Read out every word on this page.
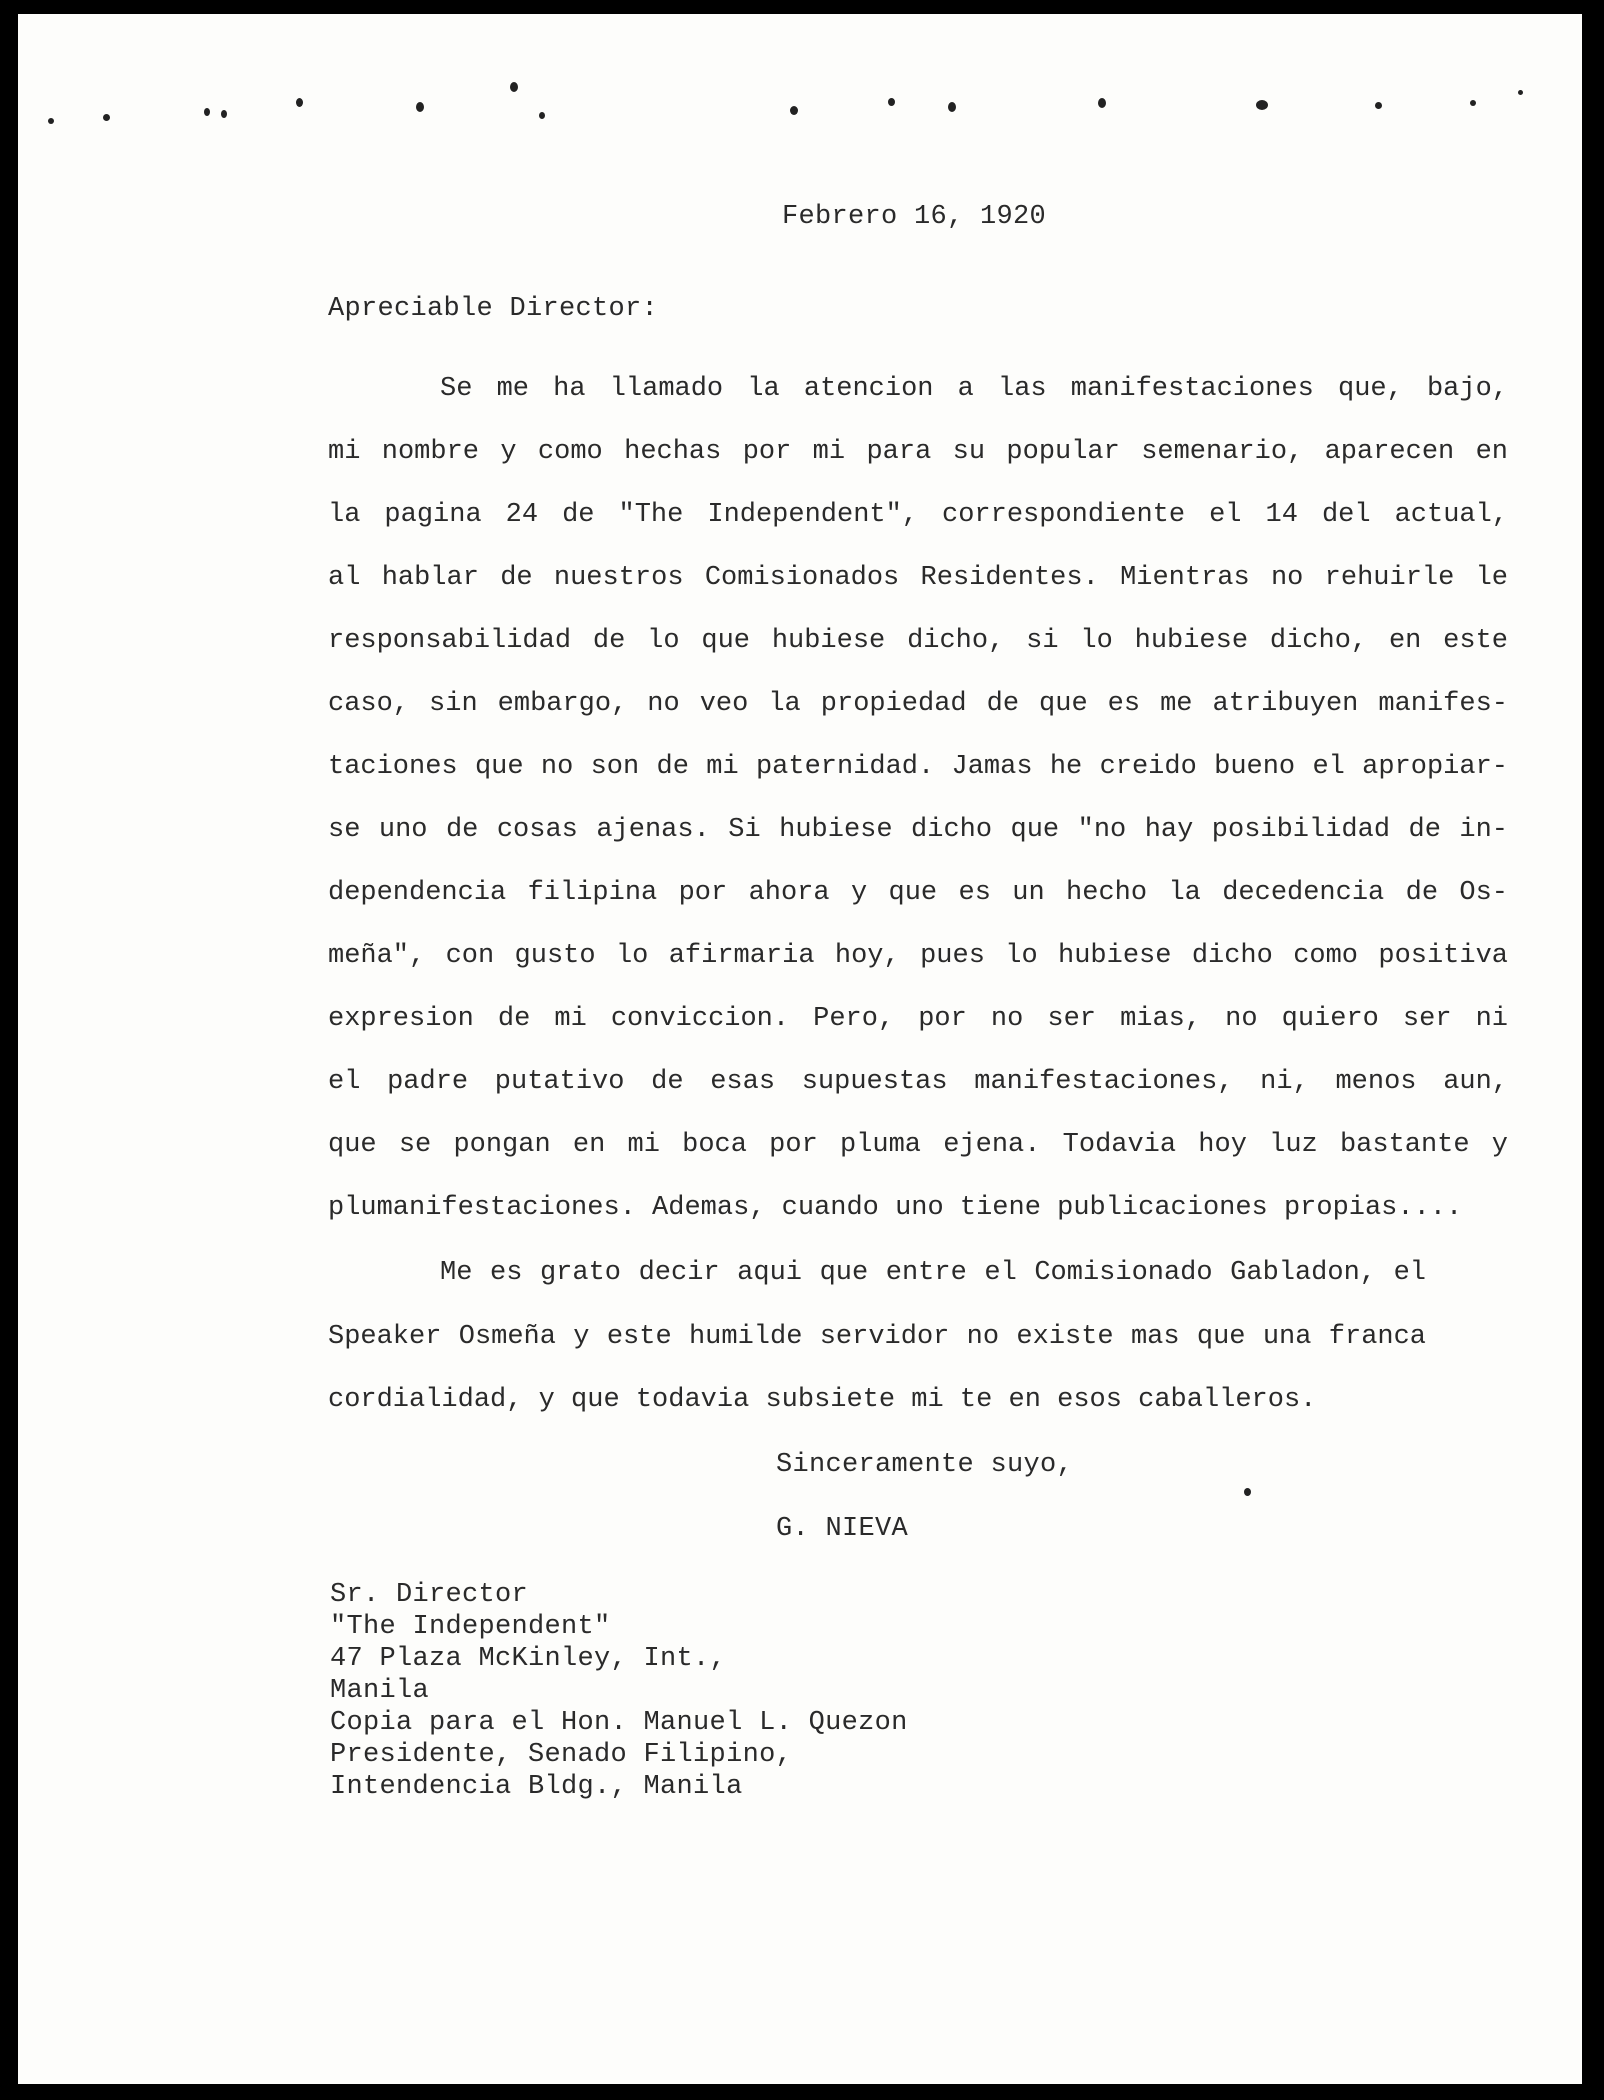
Febrero 16, 1920
Apreciable Director:
Se me ha llamado la atencion a las manifestaciones que, bajo,
mi nombre y como hechas por mi para su popular semenario, aparecen en
la pagina 24 de "The Independent", correspondiente el 14 del actual,
al hablar de nuestros Comisionados Residentes. Mientras no rehuirle le
responsabilidad de lo que hubiese dicho, si lo hubiese dicho, en este
caso, sin embargo, no veo la propiedad de que es me atribuyen manifes-
taciones que no son de mi paternidad. Jamas he creido bueno el apropiar-
se uno de cosas ajenas. Si hubiese dicho que "no hay posibilidad de in-
dependencia filipina por ahora y que es un hecho la decedencia de Os-
meña", con gusto lo afirmaria hoy, pues lo hubiese dicho como positiva
expresion de mi conviccion. Pero, por no ser mias, no quiero ser ni
el padre putativo de esas supuestas manifestaciones, ni, menos aun,
que se pongan en mi boca por pluma ejena. Todavia hoy luz bastante y
plumanifestaciones. Ademas, cuando uno tiene publicaciones propias....
Me es grato decir aqui que entre el Comisionado Gabladon, el
Speaker Osmeña y este humilde servidor no existe mas que una franca
cordialidad, y que todavia subsiete mi te en esos caballeros.
Sinceramente suyo,
G. NIEVA
Sr. Director
"The Independent"
47 Plaza McKinley, Int.,
Manila
Copia para el Hon. Manuel L. Quezon
Presidente, Senado Filipino,
Intendencia Bldg., Manila
